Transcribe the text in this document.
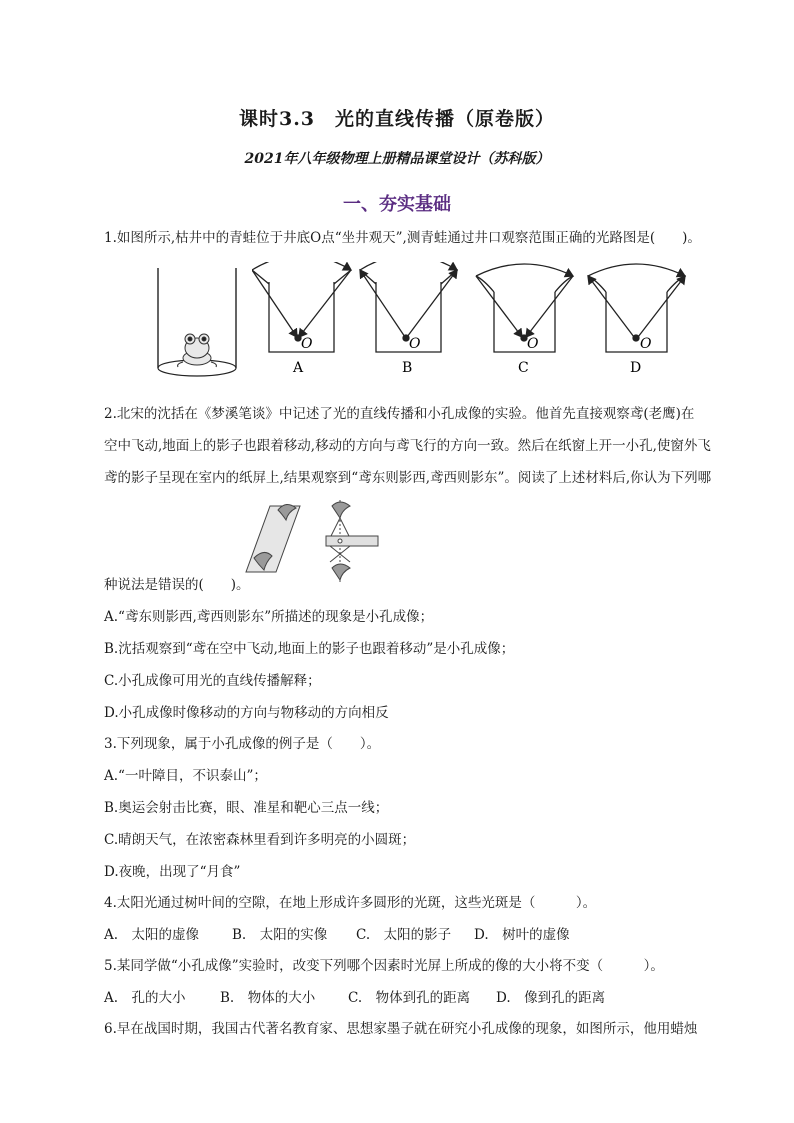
课时3.3　光的直线传播（原卷版）
2021年八年级物理上册精品课堂设计（苏科版）
一、夯实基础
1.如图所示,枯井中的青蛙位于井底O点“坐井观天”,测青蛙通过井口观察范围正确的光路图是(　　)。
O	O	O	O
A	B	C	D
2.北宋的沈括在《梦溪笔谈》中记述了光的直线传播和小孔成像的实验。他首先直接观察鸢(老鹰)在
空中飞动,地面上的影子也跟着移动,移动的方向与鸢飞行的方向一致。然后在纸窗上开一小孔,使窗外飞
鸢的影子呈现在室内的纸屏上,结果观察到“鸢东则影西,鸢西则影东”。阅读了上述材料后,你认为下列哪
种说法是错误的(　　)。
A.“鸢东则影西,鸢西则影东”所描述的现象是小孔成像；
B.沈括观察到“鸢在空中飞动,地面上的影子也跟着移动”是小孔成像；
C.小孔成像可用光的直线传播解释；
D.小孔成像时像移动的方向与物移动的方向相反
3.下列现象，属于小孔成像的例子是（　　）。
A.“一叶障目，不识泰山”；
B.奥运会射击比赛，眼、准星和靶心三点一线；
C.晴朗天气，在浓密森林里看到许多明亮的小圆斑；
D.夜晚，出现了“月食”
4.太阳光通过树叶间的空隙，在地上形成许多圆形的光斑，这些光斑是（　　　）。
A.　太阳的虚像 B.　太阳的实像 C.　太阳的影子 D.　树叶的虚像
5.某同学做“小孔成像”实验时，改变下列哪个因素时光屏上所成的像的大小将不变（　　　）。
A.　孔的大小	B.　物体的大小 C.　物体到孔的距离 D.　像到孔的距离
6.早在战国时期，我国古代著名教育家、思想家墨子就在研究小孔成像的现象，如图所示，他用蜡烛
